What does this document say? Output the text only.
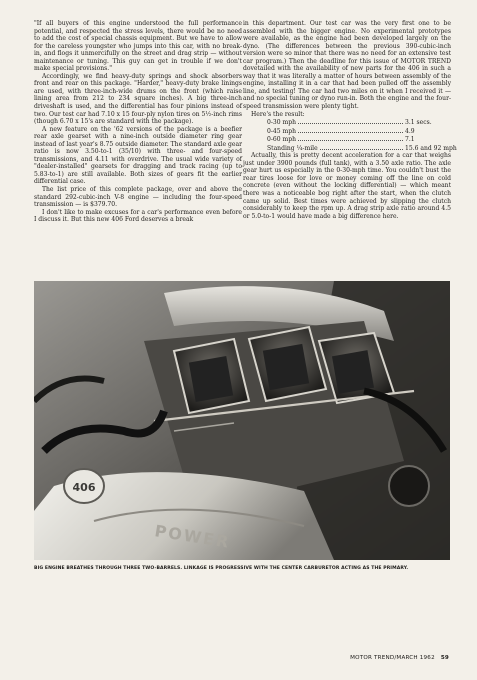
"If all buyers of this engine understood the full performance potential, and respected the stress levels, there would be no need to add the cost of special chassis equipment. But we have to allow for the careless youngster who jumps into this car, with no break-in, and flogs it unmercifully on the street and drag strip — without maintenance or tuning. This guy can get in trouble if we don't make special provisions."

Accordingly, we find heavy-duty springs and shock absorbers front and rear on this package. "Harder," heavy-duty brake linings are used, with three-inch-wide drums on the front (which raise lining area from 212 to 234 square inches). A big three-inch driveshaft is used, and the differential has four pinions instead of two. Our test car had 7.10 x 15 four-ply nylon tires on 5½-inch rims (though 6.70 x 15's are standard with the package).

A new feature on the '62 versions of the package is a beefier rear axle gearset with a nine-inch outside diameter ring gear instead of last year's 8.75 outside diameter. The standard axle gear ratio is now 3.50-to-1 (35/10) with three- and four-speed transmissions, and 4.11 with overdrive. The usual wide variety of "dealer-installed" gearsets for dragging and track racing (up to 5.83-to-1) are still available. Both sizes of gears fit the earlier differential case.

The list price of this complete package, over and above the standard 292-cubic-inch V-8 engine — including the four-speed transmission — is $379.70.

I don't like to make excuses for a car's performance even before I discuss it. But this new 406 Ford deserves a break

in this department. Our test car was the very first one to be assembled with the bigger engine. No experimental prototypes were available, as the engine had been developed largely on the dyno. (The differences between the previous 390-cubic-inch version were so minor that there was no need for an extensive test car program.) Then the deadline for this issue of MOTOR TREND dovetailed with the availability of new parts for the 406 in such a way that it was literally a matter of hours between assembly of the engine, installing it in a car that had been pulled off the assembly line, and testing! The car had two miles on it when I received it — and no special tuning or dyno run-in. Both the engine and the four-speed transmission were plenty tight.

Here's the result:

0-30 mph	3.1 secs.
0-45 mph	4.9
0-60 mph	7.1
Standing ¼-mile	15.6 and 92 mph

Actually, this is pretty decent acceleration for a car that weighs just under 3900 pounds (full tank), with a 3.50 axle ratio. The axle gear hurt us especially in the 0-30-mph time. You couldn't bust the rear tires loose for love or money coming off the line on cold concrete (even without the locking differential) — which meant there was a noticeable bog right after the start, when the clutch came up solid. Best times were achieved by slipping the clutch considerably to keep the rpm up. A drag strip axle ratio around 4.5 or 5.0-to-1 would have made a big difference here.

POWER
406
BIG ENGINE BREATHES THROUGH THREE TWO-BARRELS. LINKAGE IS PROGRESSIVE WITH THE CENTER CARBURETOR ACTING AS THE PRIMARY.
MOTOR TREND/MARCH 1962 59
